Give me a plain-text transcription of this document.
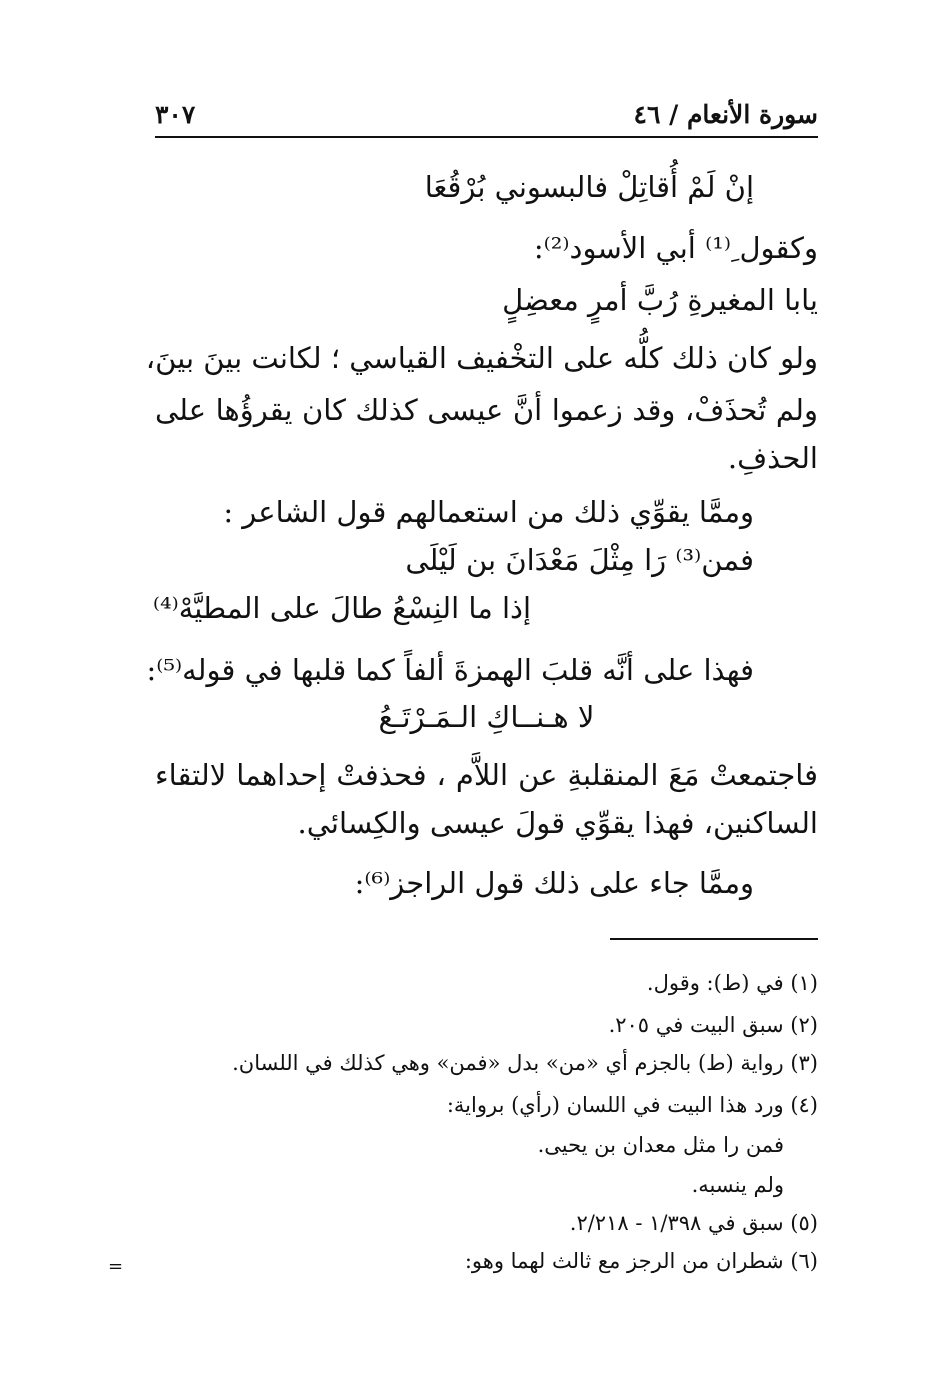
سورة الأنعام / ٤٦
٣٠٧
إنْ لَمْ أُقاتِلْ فالبسوني بُرْقُعَا
وكقول ِ⁽¹⁾ أبي الأسود⁽²⁾:
يابا المغيرةِ رُبَّ أمرٍ معضِلٍ
ولو كان ذلك كلُّه على التخْفيف القياسي ؛ لكانت بينَ بينَ،
ولم تُحذَفْ، وقد زعموا أنَّ عيسى كذلك كان يقرؤُها على
الحذفِ.
وممَّا يقوِّي ذلك من استعمالهم قول الشاعر :
فمن⁽³⁾ رَا مِثْلَ مَعْدَانَ بن لَيْلَى
إذا ما النِسْعُ طالَ على المطيَّهْ⁽⁴⁾
فهذا على أنَّه قلبَ الهمزةَ ألفاً كما قلبها في قوله⁽⁵⁾:
لا هـنــاكِ الـمَـرْتَـعُ
فاجتمعتْ مَعَ المنقلبةِ عن اللاَّم ، فحذفتْ إحداهما لالتقاء
الساكنين، فهذا يقوِّي قولَ عيسى والكِسائي.
وممَّا جاء على ذلك قول الراجز⁽⁶⁾:
(١) في (ط): وقول.
(٢) سبق البيت في ٢٠٥.
(٣) رواية (ط) بالجزم أي «من» بدل «فمن» وهي كذلك في اللسان.
(٤) ورد هذا البيت في اللسان (رأي) برواية:
فمن را مثل معدان بن يحيى.
ولم ينسبه.
(٥) سبق في ١/٣٩٨ - ٢/٢١٨.
(٦) شطران من الرجز مع ثالث لهما وهو:
=
